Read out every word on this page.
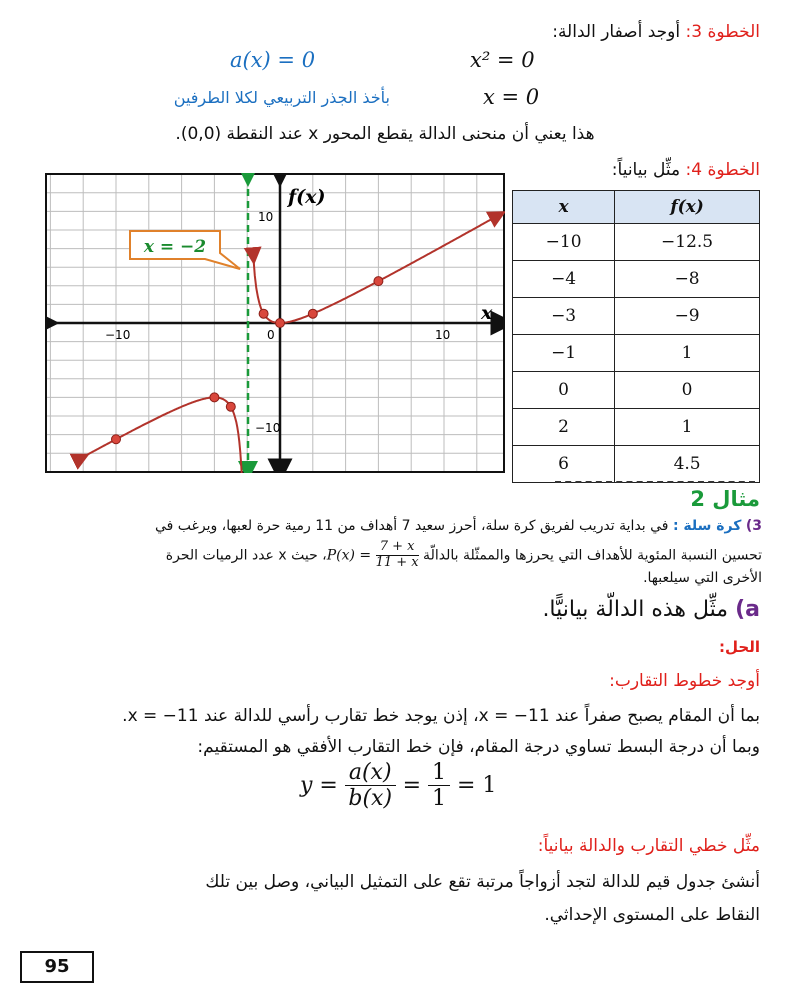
الخطوة 3: أوجد أصفار الدالة:
x² = 0
a(x) = 0
x = 0
بأخذ الجذر التربيعي لكلا الطرفين
هذا يعني أن منحنى الدالة يقطع المحور x عند النقطة (0,0).
الخطوة 4: مثِّل بيانياً:
f(x)
x
−10	0	10
10
−10
x = −2
x	f(x)
−10	−12.5
−4	−8
−3	−9
−1	1
0	0
2	1
6	4.5
مثال 2
3) كرة سلة : في بداية تدريب لفريق كرة سلة، أحرز سعيد 7 أهداف من 11 رمية حرة لعبها، ويرغب في
تحسين النسبة المئوية للأهداف التي يحرزها والممثّلة بالدالّة $P(x) = \frac{7 + x}{11 + x}$
، حيث x عدد الرميات الحرة
الأخرى التي سيلعبها.
a) مثِّل هذه الدالّة بيانيًّا.
الحل:
أوجد خطوط التقارب:
بما أن المقام يصبح صفراً عند x = −11، إذن يوجد خط تقارب رأسي للدالة عند x = −11.
وبما أن درجة البسط تساوي درجة المقام، فإن خط التقارب الأفقي هو المستقيم:
$y = \frac{a(x)}{b(x)} = \frac{1}{1} = 1$
مثِّل خطي التقارب والدالة بيانياً:
أنشئ جدول قيم للدالة لتجد أزواجاً مرتبة تقع على التمثيل البياني، وصل بين تلك
النقاط على المستوى الإحداثي.
95
